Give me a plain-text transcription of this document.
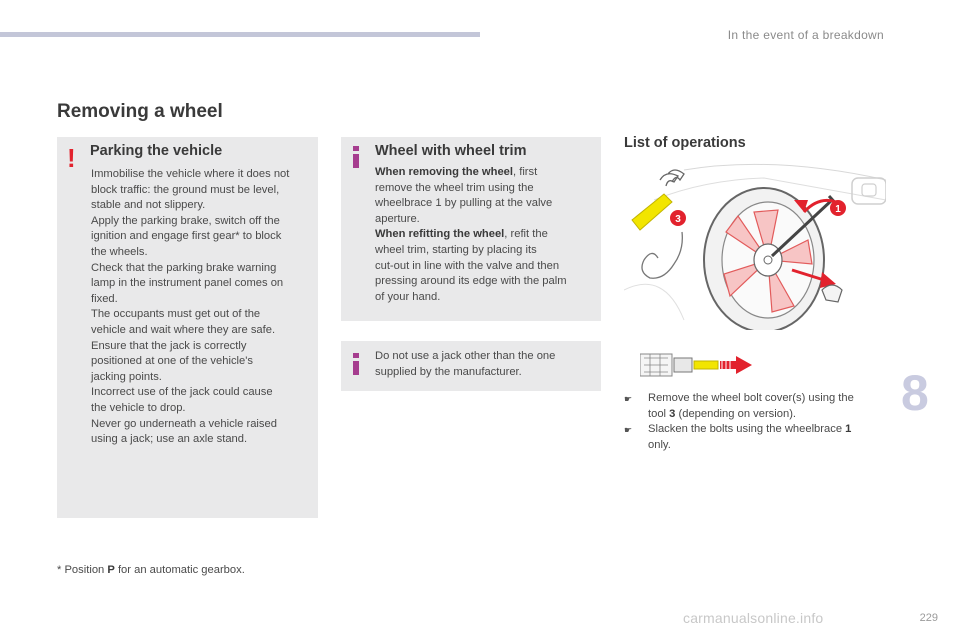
In the event of a breakdown
Removing a wheel
! Parking the vehicle

Immobilise the vehicle where it does not
block traffic: the ground must be level,
stable and not slippery.
Apply the parking brake, switch off the
ignition and engage first gear* to block
the wheels.
Check that the parking brake warning
lamp in the instrument panel comes on
fixed.
The occupants must get out of the
vehicle and wait where they are safe.
Ensure that the jack is correctly
positioned at one of the vehicle's
jacking points.
Incorrect use of the jack could cause
the vehicle to drop.
Never go underneath a vehicle raised
using a jack; use an axle stand.

Wheel with wheel trim

When removing the wheel, first
remove the wheel trim using the
wheelbrace 1 by pulling at the valve
aperture.
When refitting the wheel, refit the
wheel trim, starting by placing its
cut-out in line with the valve and then
pressing around its edge with the palm
of your hand.

Do not use a jack other than the one
supplied by the manufacturer.

List of operations
3
1
☛ Remove the wheel bolt cover(s) using the
tool 3 (depending on version).
☛ Slacken the bolts using the wheelbrace 1
only.

* Position P for an automatic gearbox.

8
carmanualsonline.info	229
